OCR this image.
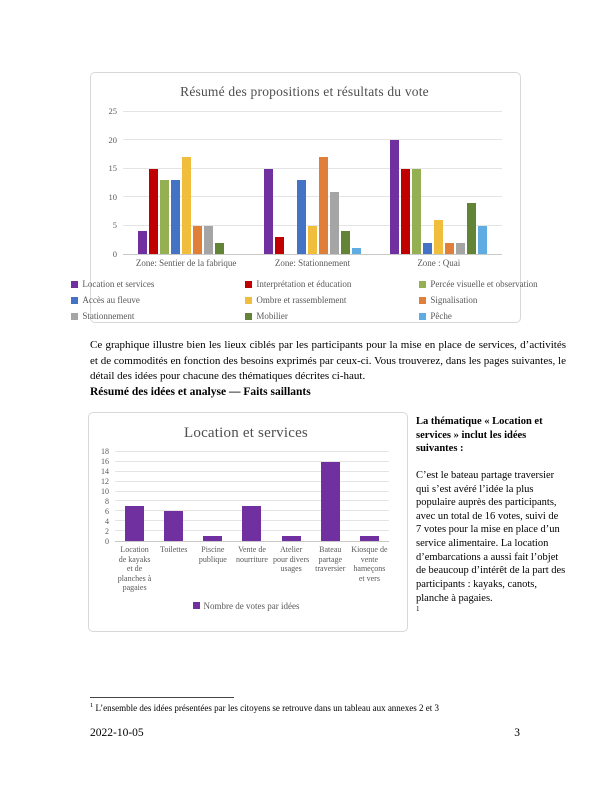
Résumé des propositions et résultats du vote
0
5
10
15
20
25
Zone: Sentier de la fabrique	Zone: Stationnement	Zone : Quai
Location et services	Interprétation et éducation	Percée visuelle et observation
Accès au fleuve	Ombre et rassemblement	Signalisation
Stationnement	Mobilier	Pêche

Ce graphique illustre bien les lieux ciblés par les participants pour la mise en place de services, d’activités et de commodités en fonction des besoins exprimés par ceux-ci. Vous trouverez, dans les pages suivantes, le détail des idées pour chacune des thématiques décrites ci-haut.

Résumé des idées et analyse — Faits saillants
Location et services
0
2
4
6
8
10
12
14
16
18
Location de kayaks et de planches à pagaies
Toilettes	Piscine publique
Vente de nourriture
Atelier pour divers usages
Bateau partage traversier
Kiosque de vente hameçons et vers
Nombre de votes par idées

La thématique « Location et services » inclut les idées suivantes :

C’est le bateau partage traversier qui s’est avéré l’idée la plus populaire auprès des participants, avec un total de 16 votes, suivi de 7 votes pour la mise en place d’un service alimentaire. La location d’embarcations a aussi fait l’objet de beaucoup d’intérêt de la part des participants : kayaks, canots, planche à pagaies.
$^1$

$^1$ L’ensemble des idées présentées par les citoyens se retrouve dans un tableau aux annexes 2 et 3

2022-10-05	3
